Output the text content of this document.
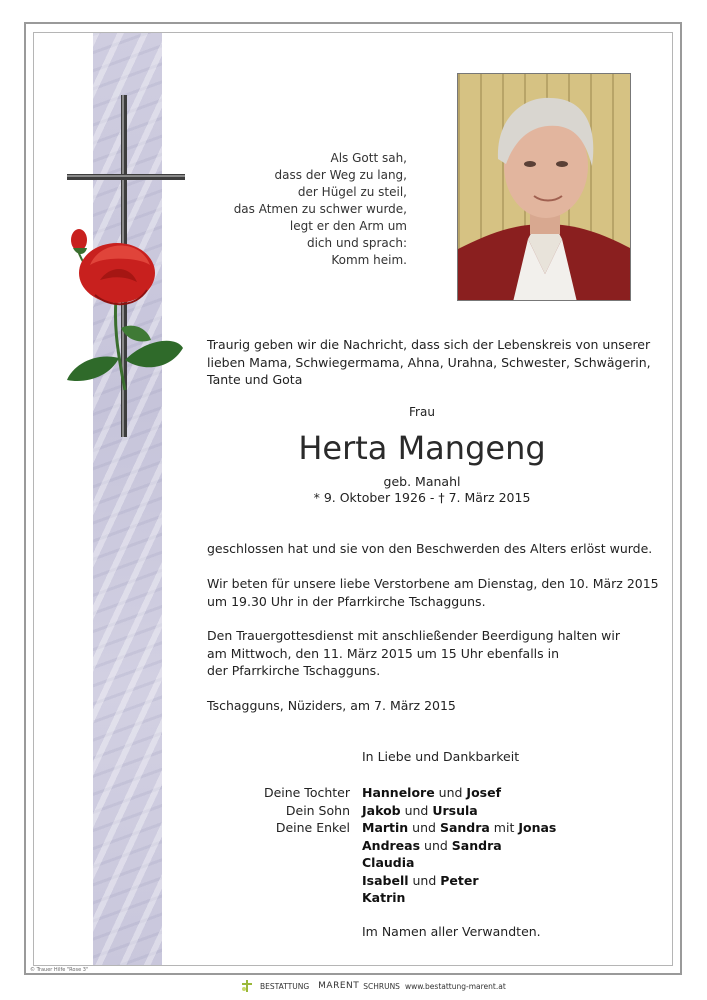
Als Gott sah,
dass der Weg zu lang,
der Hügel zu steil,
das Atmen zu schwer wurde,
legt er den Arm um
dich und sprach:
Komm heim.
Traurig geben wir die Nachricht, dass sich der Lebenskreis von unserer
lieben Mama, Schwiegermama, Ahna, Urahna, Schwester, Schwägerin,
Tante und Gota
Frau
Herta Mangeng
geb. Manahl
* 9. Oktober 1926 - † 7. März 2015
geschlossen hat und sie von den Beschwerden des Alters erlöst wurde.
Wir beten für unsere liebe Verstorbene am Dienstag, den 10. März 2015
um 19.30 Uhr in der Pfarrkirche Tschagguns.
Den Trauergottesdienst mit anschließender Beerdigung halten wir
am Mittwoch, den 11. März 2015 um 15 Uhr ebenfalls in
der Pfarrkirche Tschagguns.
Tschagguns, Nüziders, am 7. März 2015
In Liebe und Dankbarkeit
Deine Tochter
Dein Sohn
Deine Enkel
Hannelore und Josef
Jakob und Ursula
Martin und Sandra mit Jonas
Andreas und Sandra
Claudia
Isabell und Peter
Katrin
Im Namen aller Verwandten.
© Trauer Hilfe "Rose 3"
BESTATTUNG MARENT SCHRUNS www.bestattung-marent.at
